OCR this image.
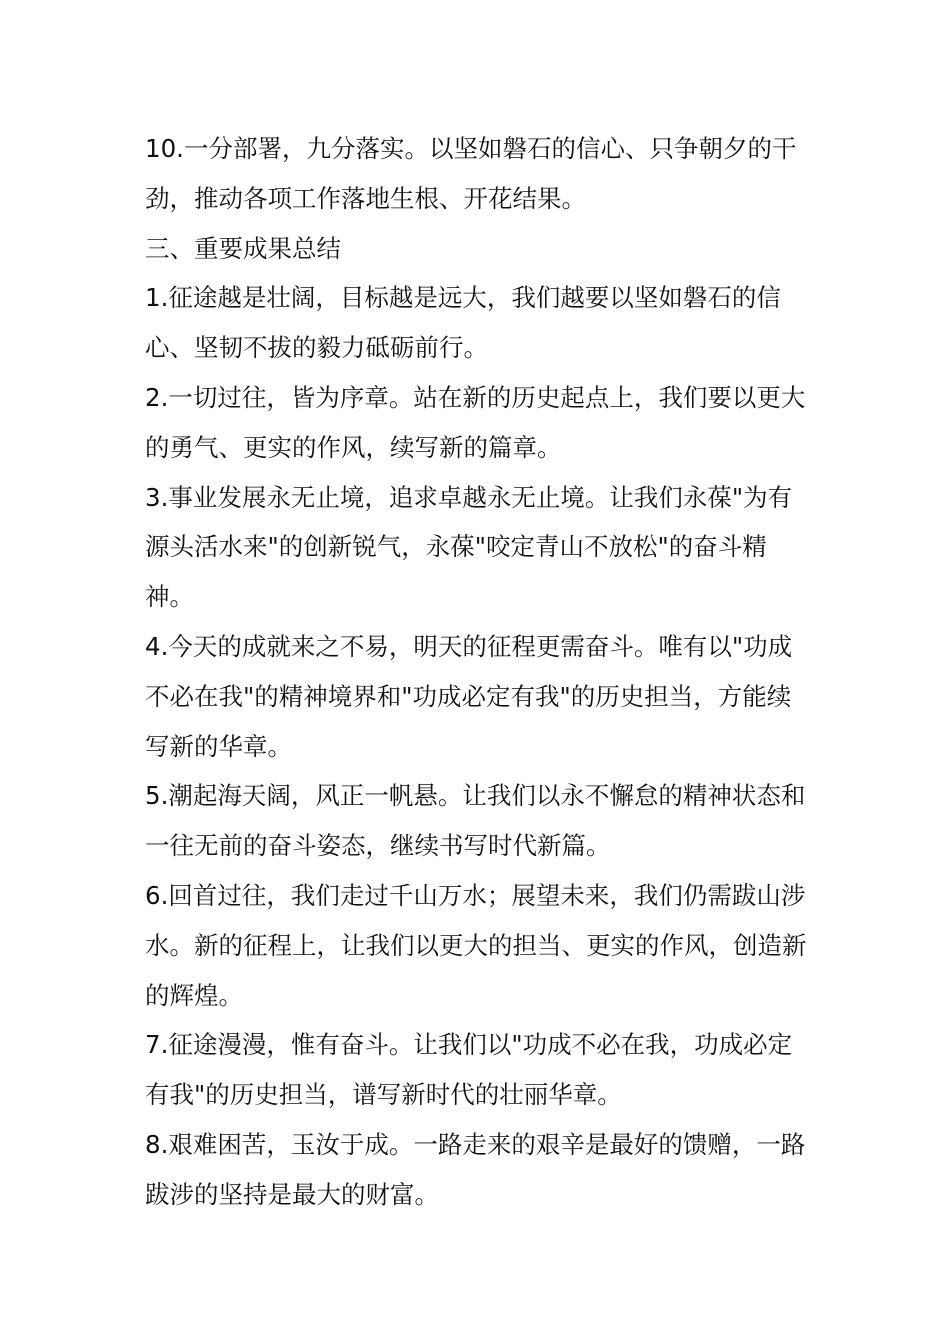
10.一分部署，九分落实。以坚如磐石的信心、只争朝夕的干劲，推动各项工作落地生根、开花结果。

三、重要成果总结

1.征途越是壮阔，目标越是远大，我们越要以坚如磐石的信心、坚韧不拔的毅力砥砺前行。

2.一切过往，皆为序章。站在新的历史起点上，我们要以更大的勇气、更实的作风，续写新的篇章。

3.事业发展永无止境，追求卓越永无止境。让我们永葆"为有源头活水来"的创新锐气，永葆"咬定青山不放松"的奋斗精神。

4.今天的成就来之不易，明天的征程更需奋斗。唯有以"功成不必在我"的精神境界和"功成必定有我"的历史担当，方能续写新的华章。

5.潮起海天阔，风正一帆悬。让我们以永不懈怠的精神状态和一往无前的奋斗姿态，继续书写时代新篇。

6.回首过往，我们走过千山万水；展望未来，我们仍需跋山涉水。新的征程上，让我们以更大的担当、更实的作风，创造新的辉煌。

7.征途漫漫，惟有奋斗。让我们以"功成不必在我，功成必定有我"的历史担当，谱写新时代的壮丽华章。

8.艰难困苦，玉汝于成。一路走来的艰辛是最好的馈赠，一路跋涉的坚持是最大的财富。
